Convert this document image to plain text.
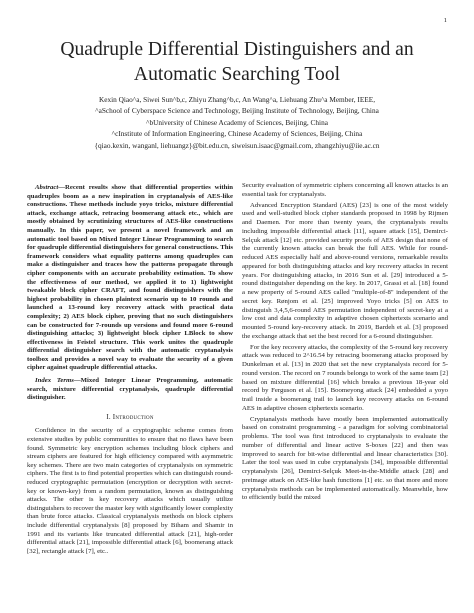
1
Quadruple Differential Distinguishers and an
Automatic Searching Tool
Kexin Qiao^a, Siwei Sun^b,c, Zhiyu Zhang^b,c, An Wang^a, Liehuang Zhu^a Member, IEEE,
^aSchool of Cyberspace Science and Technology, Beijing Institute of Technology, Beijing, China
^bUniversity of Chinese Academy of Sciences, Beijing, China
^cInstitute of Information Engineering, Chinese Academy of Sciences, Beijing, China
{qiao.kexin, wanganl, liehuangz}@bit.edu.cn, siweisun.isaac@gmail.com, zhangzhiyu@iie.ac.cn

Abstract—Recent results show that differential properties within quadruples boom as a new inspiration in cryptanalysis of AES-like constructions. These methods include yoyo tricks, mixture differential attack, exchange attack, retracing boomerang attack etc., which are mostly obtained by scrutinizing structures of AES-like constructions manually. In this paper, we present a novel framework and an automatic tool based on Mixed Integer Linear Programming to search for quadruple differential distinguishers for general constructions. This framework considers what equality patterns among quadruples can make a distinguisher and traces how the patterns propagate through cipher components with an accurate probability estimation. To show the effectiveness of our method, we applied it to 1) lightweight tweakable block cipher CRAFT, and found distinguishers with the highest probability in chosen plaintext scenario up to 10 rounds and launched a 13-round key recovery attack with practical data complexity; 2) AES block cipher, proving that no such distinguishers can be constructed for 7-rounds up versions and found more 6-round distinguishing attacks; 3) lightweight block cipher LBlock to show effectiveness in Feistel structure. This work unites the quadruple differential distinguisher search with the automatic cryptanalysis toolbox and provides a novel way to evaluate the security of a given cipher against quadruple differential attacks.

Index Terms—Mixed Integer Linear Programming, automatic search, mixture differential cryptanalysis, quadruple differential distinguisher.

I. Introduction

Confidence in the security of a cryptographic scheme comes from extensive studies by public communities to ensure that no flaws have been found. Symmetric key encryption schemes including block ciphers and stream ciphers are featured for high efficiency compared with asymmetric key schemes. There are two main categories of cryptanalysis on symmetric ciphers. The first is to find potential properties which can distinguish round-reduced cryptographic permutation (encryption or decryption with secret-key or known-key) from a random permutation, known as distinguishing attacks. The other is key recovery attacks which usually utilize distinguishers to recover the master key with significantly lower complexity than brute force attacks. Classical cryptanalysis methods on block ciphers include differential cryptanalysis [8] proposed by Biham and Shamir in 1991 and its variants like truncated differential attack [21], high-order differential attack [21], impossible differential attack [6], boomerang attack [32], rectangle attack [7], etc..

Security evaluation of symmetric ciphers concerning all known attacks is an essential task for cryptanalysts.

Advanced Encryption Standard (AES) [23] is one of the most widely used and well-studied block cipher standards proposed in 1998 by Rijmen and Daemen. For more than twenty years, the cryptanalysis results including impossible differential attack [11], square attack [15], Demirci-Selçuk attack [12] etc. provided security proofs of AES design that none of the currently known attacks can break the full AES. While for round-reduced AES especially half and above-round versions, remarkable results appeared for both distinguishing attacks and key recovery attacks in recent years. For distinguishing attacks, in 2016 Sun et al. [29] introduced a 5-round distinguisher depending on the key. In 2017, Grassi et al. [18] found a new property of 5-round AES called "multiple-of-8" independent of the secret key. Rønjom et al. [25] improved Yoyo tricks [5] on AES to distinguish 3,4,5,6-round AES permutation independent of secret-key at a low cost and data complexity in adaptive chosen ciphertexts scenario and mounted 5-round key-recovery attack. In 2019, Bardeh et al. [3] proposed the exchange attack that set the best record for a 6-round distinguisher.

For the key recovery attacks, the complexity of the 5-round key recovery attack was reduced to 2^16.54 by retracing boomerang attacks proposed by Dunkelman et al. [13] in 2020 that set the new cryptanalysis record for 5-round version. The record on 7 rounds belongs to work of the same team [2] based on mixture differential [16] which breaks a previous 18-year old record by Ferguson et al. [15]. Boomeyong attack [24] embedded a yoyo trail inside a boomerang trail to launch key recovery attacks on 6-round AES in adaptive chosen ciphertexts scenario.

Cryptanalysis methods have mostly been implemented automatically based on constraint programming - a paradigm for solving combinatorial problems. The tool was first introduced to cryptanalysis to evaluate the number of differential and linear active S-boxes [22] and then was improved to search for bit-wise differential and linear characteristics [30]. Later the tool was used in cube cryptanalysis [34], impossible differential cryptanalysis [26], Demirci-Selçuk Meet-in-the-Middle attack [28] and preimage attack on AES-like hash functions [1] etc. so that more and more cryptanalysis methods can be implemented automatically. Meanwhile, how to efficiently build the mixed
